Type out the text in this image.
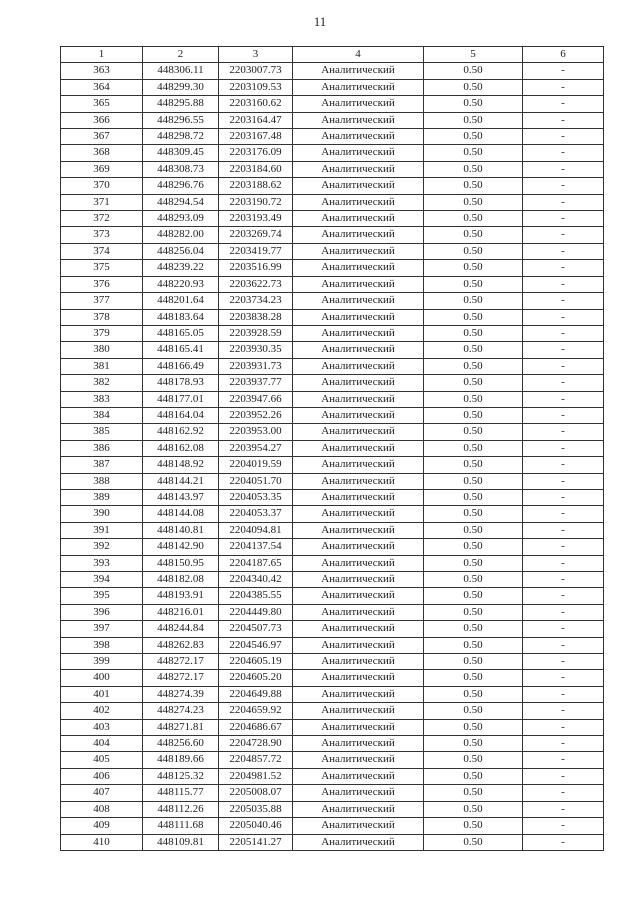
11
1	2	3	4	5	6
363	448306.11	2203007.73	Аналитический	0.50	-
364	448299.30	2203109.53	Аналитический	0.50	-
365	448295.88	2203160.62	Аналитический	0.50	-
366	448296.55	2203164.47	Аналитический	0.50	-
367	448298.72	2203167.48	Аналитический	0.50	-
368	448309.45	2203176.09	Аналитический	0.50	-
369	448308.73	2203184.60	Аналитический	0.50	-
370	448296.76	2203188.62	Аналитический	0.50	-
371	448294.54	2203190.72	Аналитический	0.50	-
372	448293.09	2203193.49	Аналитический	0.50	-
373	448282.00	2203269.74	Аналитический	0.50	-
374	448256.04	2203419.77	Аналитический	0.50	-
375	448239.22	2203516.99	Аналитический	0.50	-
376	448220.93	2203622.73	Аналитический	0.50	-
377	448201.64	2203734.23	Аналитический	0.50	-
378	448183.64	2203838.28	Аналитический	0.50	-
379	448165.05	2203928.59	Аналитический	0.50	-
380	448165.41	2203930.35	Аналитический	0.50	-
381	448166.49	2203931.73	Аналитический	0.50	-
382	448178.93	2203937.77	Аналитический	0.50	-
383	448177.01	2203947.66	Аналитический	0.50	-
384	448164.04	2203952.26	Аналитический	0.50	-
385	448162.92	2203953.00	Аналитический	0.50	-
386	448162.08	2203954.27	Аналитический	0.50	-
387	448148.92	2204019.59	Аналитический	0.50	-
388	448144.21	2204051.70	Аналитический	0.50	-
389	448143.97	2204053.35	Аналитический	0.50	-
390	448144.08	2204053.37	Аналитический	0.50	-
391	448140.81	2204094.81	Аналитический	0.50	-
392	448142.90	2204137.54	Аналитический	0.50	-
393	448150.95	2204187.65	Аналитический	0.50	-
394	448182.08	2204340.42	Аналитический	0.50	-
395	448193.91	2204385.55	Аналитический	0.50	-
396	448216.01	2204449.80	Аналитический	0.50	-
397	448244.84	2204507.73	Аналитический	0.50	-
398	448262.83	2204546.97	Аналитический	0.50	-
399	448272.17	2204605.19	Аналитический	0.50	-
400	448272.17	2204605.20	Аналитический	0.50	-
401	448274.39	2204649.88	Аналитический	0.50	-
402	448274.23	2204659.92	Аналитический	0.50	-
403	448271.81	2204686.67	Аналитический	0.50	-
404	448256.60	2204728.90	Аналитический	0.50	-
405	448189.66	2204857.72	Аналитический	0.50	-
406	448125.32	2204981.52	Аналитический	0.50	-
407	448115.77	2205008.07	Аналитический	0.50	-
408	448112.26	2205035.88	Аналитический	0.50	-
409	448111.68	2205040.46	Аналитический	0.50	-
410	448109.81	2205141.27	Аналитический	0.50	-
